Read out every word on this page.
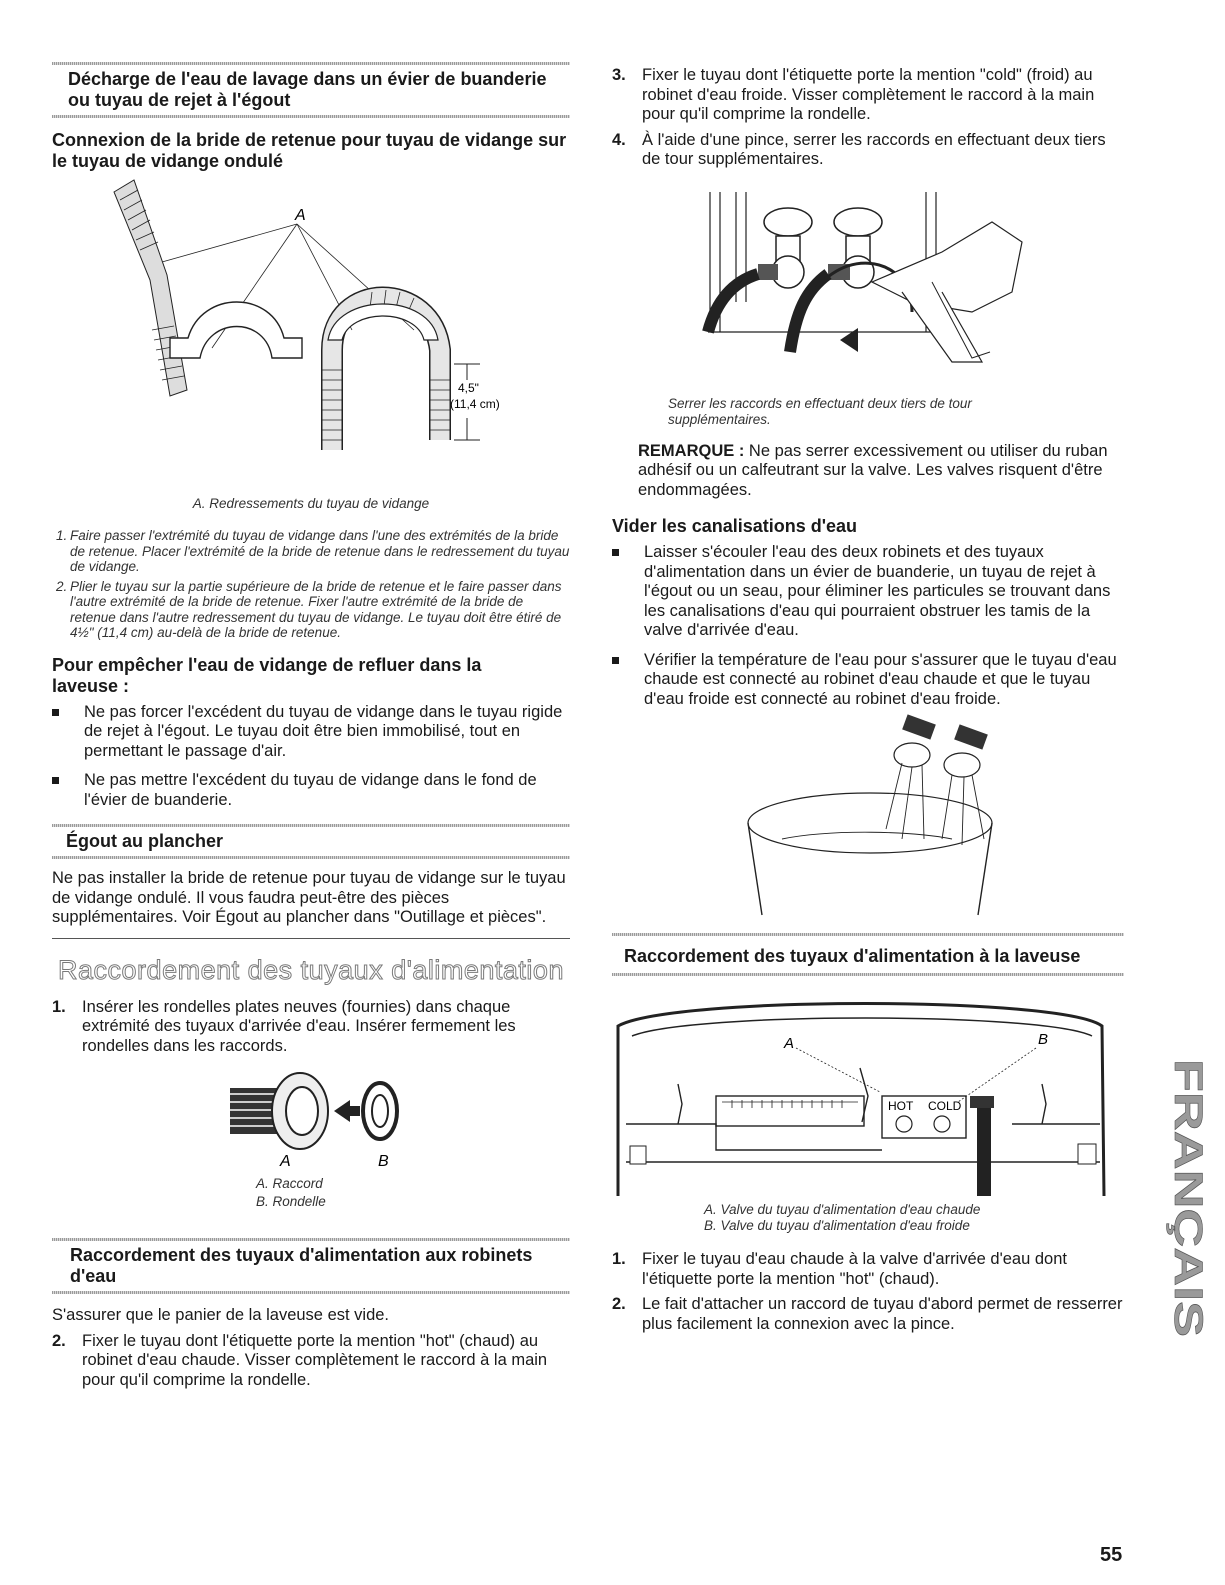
Décharge de l'eau de lavage dans un évier de buanderie ou tuyau de rejet à l'égout
Connexion de la bride de retenue pour tuyau de vidange sur le tuyau de vidange ondulé
A
4,5"
(11,4 cm)

A. Redressements du tuyau de vidange

1. Faire passer l'extrémité du tuyau de vidange dans l'une des extrémités de la bride de retenue. Placer l'extrémité de la bride de retenue dans le redressement du tuyau de vidange.
2. Plier le tuyau sur la partie supérieure de la bride de retenue et le faire passer dans l'autre extrémité de la bride de retenue. Fixer l'autre extrémité de la bride de retenue dans l'autre redressement du tuyau de vidange. Le tuyau doit être étiré de 4½" (11,4 cm) au-delà de la bride de retenue.
Pour empêcher l'eau de vidange de refluer dans la laveuse :
Ne pas forcer l'excédent du tuyau de vidange dans le tuyau rigide de rejet à l'égout. Le tuyau doit être bien immobilisé, tout en permettant le passage d'air.
Ne pas mettre l'excédent du tuyau de vidange dans le fond de l'évier de buanderie.
Égout au plancher

Ne pas installer la bride de retenue pour tuyau de vidange sur le tuyau de vidange ondulé. Il vous faudra peut-être des pièces supplémentaires. Voir Égout au plancher dans "Outillage et pièces".

Raccordement des tuyaux d'alimentation
1. Insérer les rondelles plates neuves (fournies) dans chaque extrémité des tuyaux d'arrivée d'eau. Insérer fermement les rondelles dans les raccords.
A	B
A. Raccord
B. Rondelle
Raccordement des tuyaux d'alimentation aux robinets d'eau

S'assurer que le panier de la laveuse est vide.

2. Fixer le tuyau dont l'étiquette porte la mention "hot" (chaud) au robinet d'eau chaude. Visser complètement le raccord à la main pour qu'il comprime la rondelle.
3. Fixer le tuyau dont l'étiquette porte la mention "cold" (froid) au robinet d'eau froide. Visser complètement le raccord à la main pour qu'il comprime la rondelle.
4. À l'aide d'une pince, serrer les raccords en effectuant deux tiers de tour supplémentaires.

Serrer les raccords en effectuant deux tiers de tour supplémentaires.

REMARQUE : Ne pas serrer excessivement ou utiliser du ruban adhésif ou un calfeutrant sur la valve. Les valves risquent d'être endommagées.

Vider les canalisations d'eau
Laisser s'écouler l'eau des deux robinets et des tuyaux d'alimentation dans un évier de buanderie, un tuyau de rejet à l'égout ou un seau, pour éliminer les particules se trouvant dans les canalisations d'eau qui pourraient obstruer les tamis de la valve d'arrivée d'eau.
Vérifier la température de l'eau pour s'assurer que le tuyau d'eau chaude est connecté au robinet d'eau chaude et que le tuyau d'eau froide est connecté au robinet d'eau froide.
Raccordement des tuyaux d'alimentation à la laveuse
A	B
HOT COLD

A. Valve du tuyau d'alimentation d'eau chaude

B. Valve du tuyau d'alimentation d'eau froide

1. Fixer le tuyau d'eau chaude à la valve d'arrivée d'eau dont l'étiquette porte la mention "hot" (chaud).
2. Le fait d'attacher un raccord de tuyau d'abord permet de resserrer plus facilement la connexion avec la pince.
FRANÇAIS
55
